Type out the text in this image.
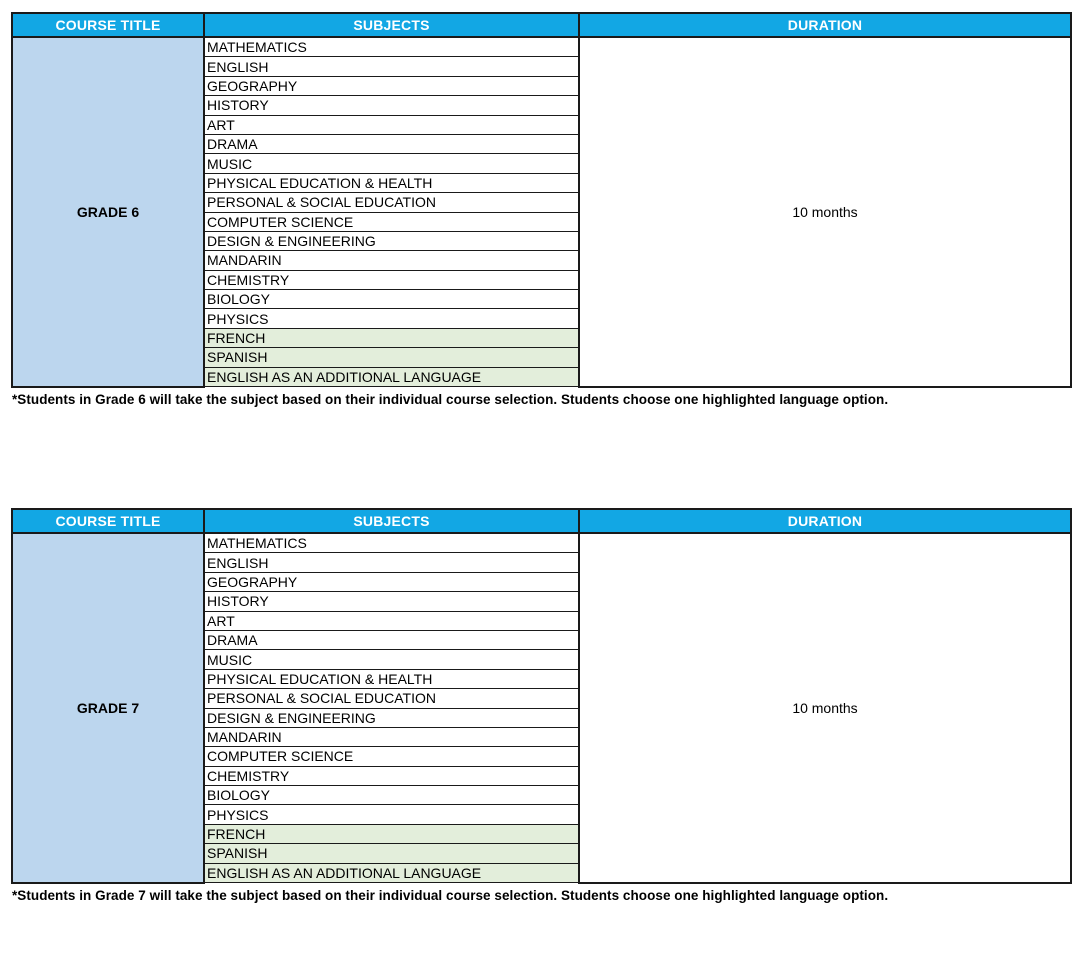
COURSE TITLE	SUBJECTS	DURATION
GRADE 6	MATHEMATICS	10 months
	ENGLISH	
	GEOGRAPHY	
	HISTORY	
	ART	
	DRAMA	
	MUSIC	
	PHYSICAL EDUCATION & HEALTH	
	PERSONAL & SOCIAL EDUCATION	
	COMPUTER SCIENCE	
	DESIGN & ENGINEERING	
	MANDARIN	
	CHEMISTRY	
	BIOLOGY	
	PHYSICS	
	FRENCH	
	SPANISH	
	ENGLISH AS AN ADDITIONAL LANGUAGE	
*Students in Grade 6 will take the subject based on their individual course selection. Students choose one highlighted language option.
COURSE TITLE	SUBJECTS	DURATION
GRADE 7	MATHEMATICS	10 months
	ENGLISH	
	GEOGRAPHY	
	HISTORY	
	ART	
	DRAMA	
	MUSIC	
	PHYSICAL EDUCATION & HEALTH	
	PERSONAL & SOCIAL EDUCATION	
	DESIGN & ENGINEERING	
	MANDARIN	
	COMPUTER SCIENCE	
	CHEMISTRY	
	BIOLOGY	
	PHYSICS	
	FRENCH	
	SPANISH	
	ENGLISH AS AN ADDITIONAL LANGUAGE	
*Students in Grade 7 will take the subject based on their individual course selection. Students choose one highlighted language option.
